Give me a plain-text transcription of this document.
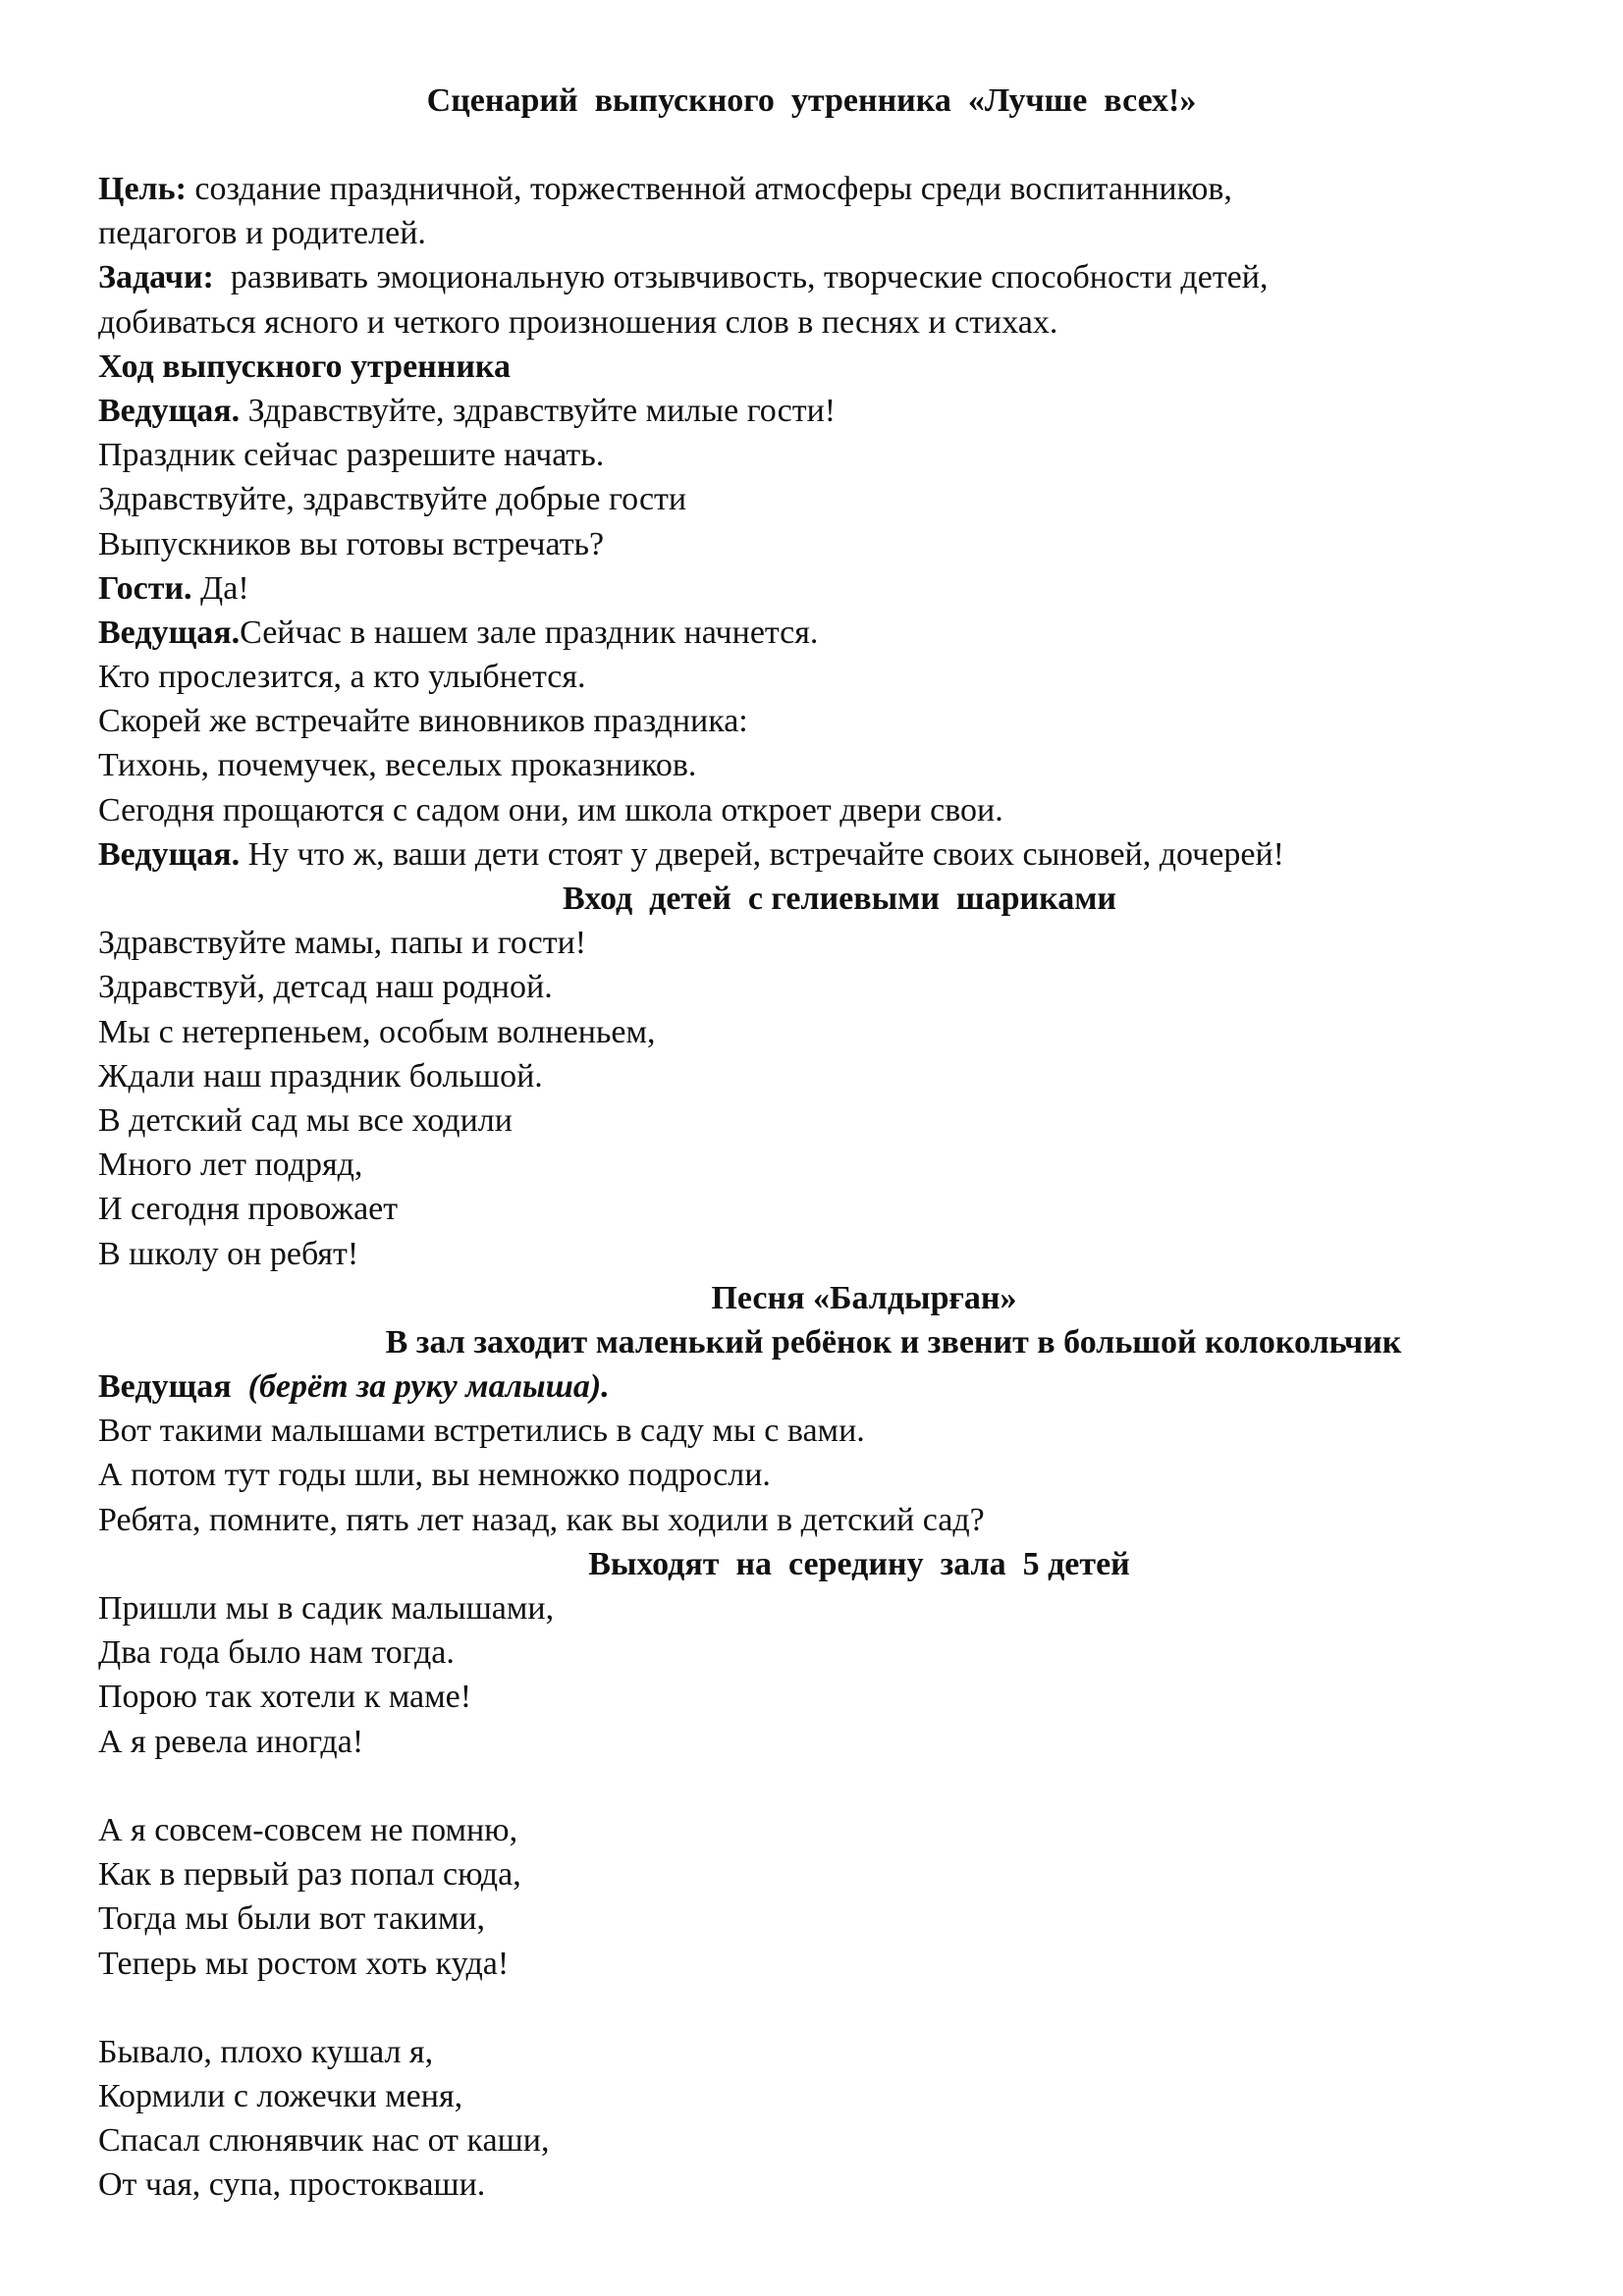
Сценарий  выпускного  утренника  «Лучше  всех!»
Цель: создание праздничной, торжественной атмосферы среди воспитанников,
педагогов и родителей.
Задачи:  развивать эмоциональную отзывчивость, творческие способности детей,
добиваться ясного и четкого произношения слов в песнях и стихах.
Ход выпускного утренника
Ведущая. Здравствуйте, здравствуйте милые гости!
Праздник сейчас разрешите начать.
Здравствуйте, здравствуйте добрые гости
Выпускников вы готовы встречать?
Гости. Да!
Ведущая.Сейчас в нашем зале праздник начнется.
Кто прослезится, а кто улыбнется.
Скорей же встречайте виновников праздника:
Тихонь, почемучек, веселых проказников.
Сегодня прощаются с садом они, им школа откроет двери свои.
Ведущая. Ну что ж, ваши дети стоят у дверей, встречайте своих сыновей, дочерей!
Вход  детей  с гелиевыми  шариками
Здравствуйте мамы, папы и гости!
Здравствуй, детсад наш родной.
Мы с нетерпеньем, особым волненьем,
Ждали наш праздник большой.
В детский сад мы все ходили
Много лет подряд,
И сегодня провожает
В школу он ребят!
Песня «Балдырған»
В зал заходит маленький ребёнок и звенит в большой колокольчик
Ведущая  (берёт за руку малыша).
Вот такими малышами встретились в саду мы с вами.
А потом тут годы шли, вы немножко подросли.
Ребята, помните, пять лет назад, как вы ходили в детский сад?
Выходят  на  середину  зала  5 детей
Пришли мы в садик малышами,
Два года было нам тогда.
Порою так хотели к маме!
А я ревела иногда!
А я совсем-совсем не помню,
Как в первый раз попал сюда,
Тогда мы были вот такими,
Теперь мы ростом хоть куда!
Бывало, плохо кушал я,
Кормили с ложечки меня,
Спасал слюнявчик нас от каши,
От чая, супа, простокваши.
